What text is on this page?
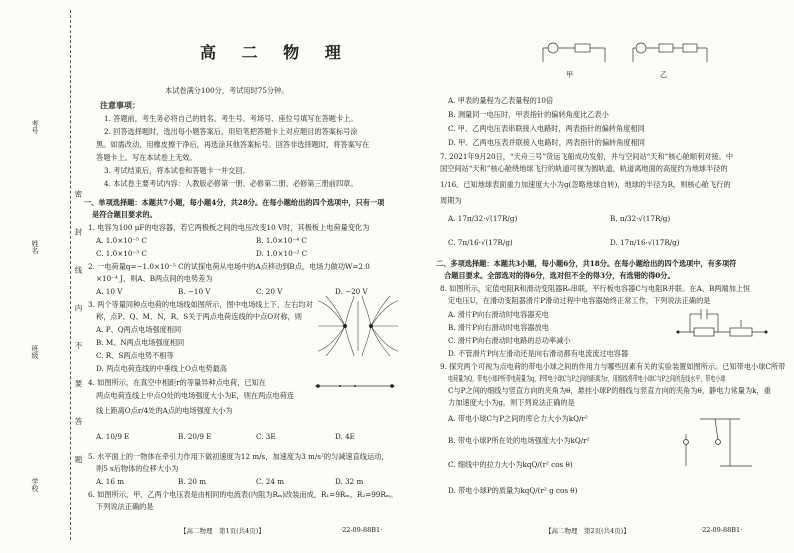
考号
姓名
班级
学校
密 封 线 内 不 要 答 题
高 二 物 理
本试卷满分100分，考试用时75分钟。
注意事项：
1. 答题前，考生务必将自己的姓名、考生号、考场号、座位号填写在答题卡上。
2. 回答选择题时，选出每小题答案后，用铅笔把答题卡上对应题目的答案标号涂
黑。如需改动，用橡皮擦干净后，再选涂其他答案标号。回答非选择题时，将答案写在
答题卡上。写在本试卷上无效。
3. 考试结束后，将本试卷和答题卡一并交回。
4. 本试卷主要考试内容：人教版必修第一册、必修第二册、必修第三册前四章。
一、单项选择题：本题共7小题，每小题4分，共28分。在每小题给出的四个选项中，只有一项
是符合题目要求的。
1. 电容为100 μF的电容器，若它两极板之间的电压改变10 V时，其极板上电荷量变化为
A. 1.0×10⁻⁵ C	B. 1.0×10⁻⁴ C
C. 1.0×10⁻³ C	D. 1.0×10⁻² C
2. 一电荷量q=−1.0×10⁻⁵ C的试探电荷从电场中的A点移动到B点，电场力做功W=2.0
×10⁻⁴ J，则A、B两点间的电势差为
A. 10 V	B. −10 V	C. 20 V	D. −20 V
3. 两个等量同种点电荷的电场线如图所示，图中电场线上下、左右均对
称，点P、Q、M、N，R、S关于两点电荷连线的中点O对称，则
A. P、Q两点电场强度相同
B. M、N两点电场强度相同
C. R、S两点电势不相等
D. 两点电荷连线的中垂线上O点电势最高
4. 如图所示，在真空中相距r的等量异种点电荷，已知在
两点电荷连线上中点O处的电场强度大小为E，则在两点电荷连
线上距离O点r/4处的A点的电场强度大小为
A. 10/9 E	B. 20/9 E	C. 3E	D. 4E
5. 水平面上的一物体在牵引力作用下做初速度为12 m/s，加速度为3 m/s²的匀减速直线运动，
则5 s后物体的位移大小为
A. 16 m	B. 20 m	C. 24 m	D. 32 m
6. 如图所示，甲、乙两个电压表是由相同的电流表(内阻为Rₘ)改装而成，R₁=9Rₘ，R₂=99Rₘ。
下列说法正确的是
【高二物理　第1页(共4页)】	·22-09-88B1·
甲	乙
A. 甲表的量程为乙表量程的10倍
B. 测量同一电压时，甲表指针的偏转角度比乙表小
C. 甲、乙两电压表串联接入电路时，两表指针的偏转角度相同
D. 甲、乙两电压表并联接入电路时，两表指针的偏转角度相同
7. 2021年9月20日，“天舟三号”货运飞船成功发射，并与空间站“天和”核心舱顺利对接。中
国空间站“天和”核心舱绕地球飞行的轨道可视为圆轨道，轨道离地面的高度约为地球半径的
1/16。已知地球表面重力加速度大小为g(忽略地球自转)，地球的半径为R，则核心舱飞行的
周期为
A. 17π/32·√(17R/g)	B. π/32·√(17R/g)
C. 7π/16·√(17R/g)	D. 17π/16·√(17R/g)
二、多项选择题：本题共3小题，每小题6分，共18分。在每小题给出的四个选项中，有多项符
合题目要求。全部选对的得6分，选对但不全的得3分，有选错的得0分。
8. 如图所示，定值电阻R和滑动变阻器R₀串联，平行板电容器C与电阻R并联。在A、B两端加上恒
定电压U，在滑动变阻器滑片P滑动过程中电容器始终正常工作，下列说法正确的是
A. 滑片P向右滑动时电容器充电
B. 滑片P向右滑动时电容器放电
C. 滑片P向右滑动时电路的总功率减小
D. 不管滑片P向左滑动还是向右滑动都有电流流过电容器
9. 探究两个可视为点电荷的带电小球之间的作用力与哪些因素有关的实验装置如图所示。已知带电小球C所带
电荷量为Q，带电小球P所带电荷量为q，P带电小球C与P之间的距离为r，用细线将带电小球C与P之间的连线水平，带电小球
C与P之间的细线与竖直方向的夹角为θ，悬挂小球P的细线与竖直方向的夹角为θ，静电力常量为k，重
力加速度大小为g，则下列说法正确的是
A. 带电小球C与P之间的库仑力大小为kQ/r²
B. 带电小球P所在处的电场强度大小为kQ/r²
C. 细线中的拉力大小为kqQ/(r² cos θ)
D. 带电小球P的质量为kqQ/(r² g cos θ)
【高二物理　第2页(共4页)】	·22-09-88B1·
